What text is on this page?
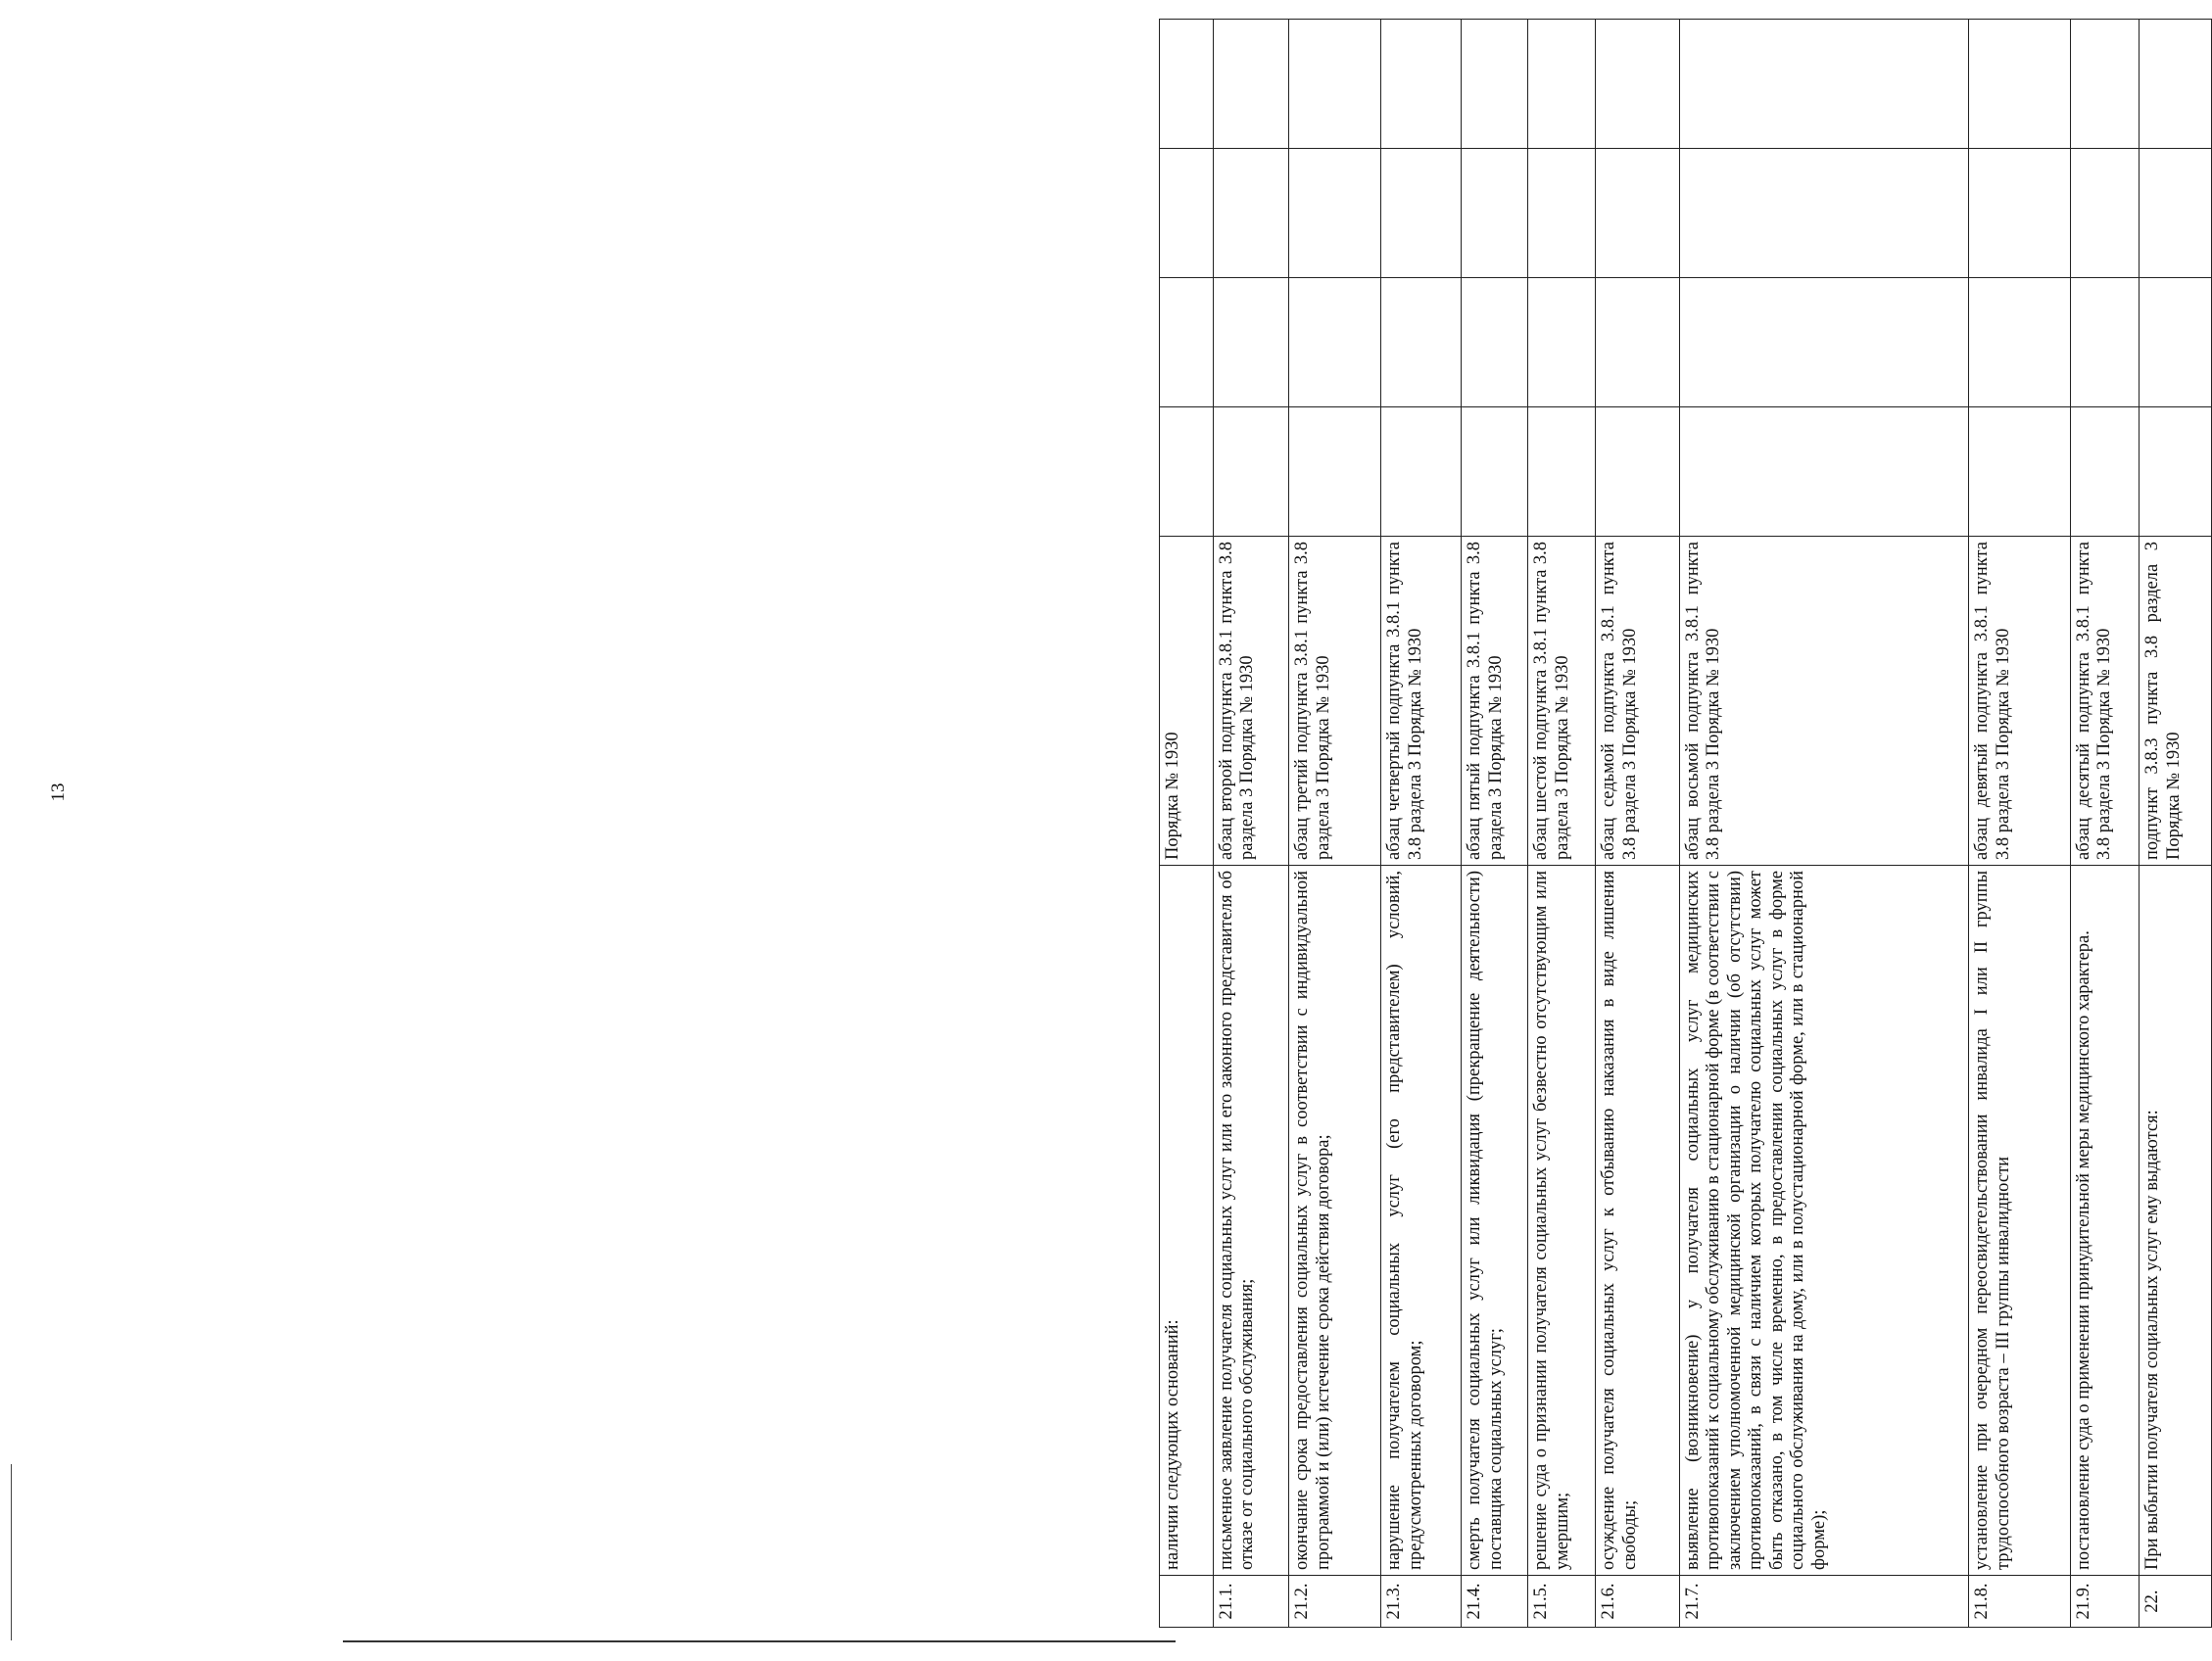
13
	наличии следующих оснований:	Порядка № 1930				
21.1.	письменное заявление получателя социальных услуг или его законного представителя об отказе от социального обслуживания;	абзац второй подпункта 3.8.1 пункта 3.8 раздела 3 Порядка № 1930				
21.2.	окончание срока предоставления социальных услуг в соответствии с индивидуальной программой и (или) истечение срока действия договора;	абзац третий подпункта 3.8.1 пункта 3.8 раздела 3 Порядка № 1930				
21.3.	нарушение получателем социальных услуг (его представителем) условий, предусмотренных договором;	абзац четвертый подпункта 3.8.1 пункта 3.8 раздела 3 Порядка № 1930				
21.4.	смерть получателя социальных услуг или ликвидация (прекращение деятельности) поставщика социальных услуг;	абзац пятый подпункта 3.8.1 пункта 3.8 раздела 3 Порядка № 1930				
21.5.	решение суда о признании получателя социальных услуг безвестно отсутствующим или умершим;	абзац шестой подпункта 3.8.1 пункта 3.8 раздела 3 Порядка № 1930				
21.6.	осуждение получателя социальных услуг к отбыванию наказания в виде лишения свободы;	абзац седьмой подпункта 3.8.1 пункта 3.8 раздела 3 Порядка № 1930				
21.7.	выявление (возникновение) у получателя социальных услуг медицинских противопоказаний к социальному обслуживанию в стационарной форме (в соответствии с заключением уполномоченной медицинской организации о наличии (об отсутствии) противопоказаний, в связи с наличием которых получателю социальных услуг может быть отказано, в том числе временно, в предоставлении социальных услуг в форме социального обслуживания на дому, или в полустационарной форме, или в стационарной форме);	абзац восьмой подпункта 3.8.1 пункта 3.8 раздела 3 Порядка № 1930				
21.8.	установление при очередном переосвидетельствовании инвалида I или II группы трудоспособного возраста – III группы инвалидности	абзац девятый подпункта 3.8.1 пункта 3.8 раздела 3 Порядка № 1930				
21.9.	постановление суда о применении принудительной меры медицинского характера.	абзац десятый подпункта 3.8.1 пункта 3.8 раздела 3 Порядка № 1930				
22.	При выбытии получателя социальных услуг ему выдаются:	подпункт 3.8.3 пункта 3.8 раздела 3 Порядка № 1930				
